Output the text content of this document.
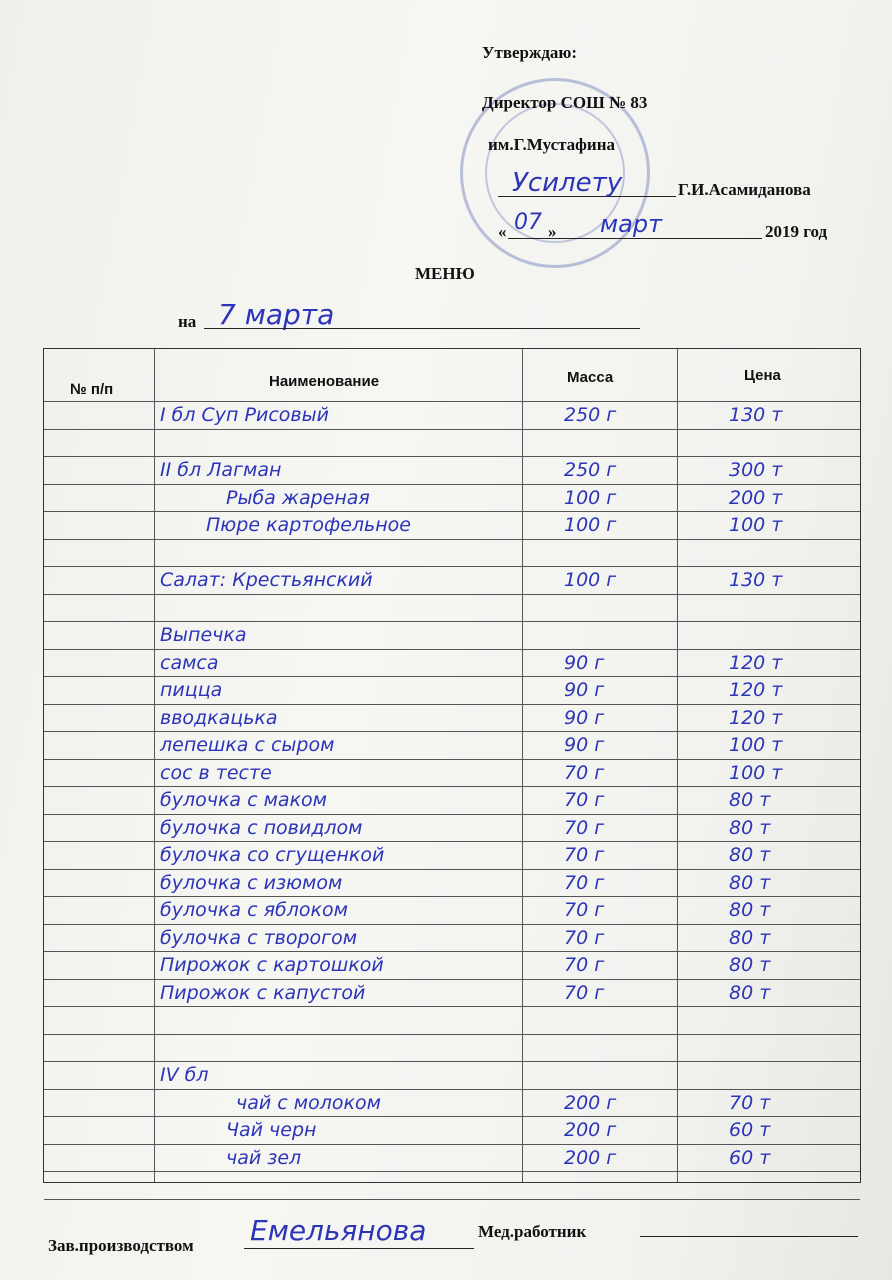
Утверждаю:
Директор СОШ № 83
им.Г.Мустафина
Усилету	Г.И.Асамиданова
« 07 » март	2019 год
МЕНЮ
на 7 марта
№ п/п	Наименование	Масса	Цена
I бл Суп Рисовый	250 г	130 т
II бл Лагман	250 г	300 т
Рыба жареная	100 г	200 т
Пюре картофельное	100 г	100 т
Салат: Крестьянский	100 г	130 т
Выпечка
самса	90 г	120 т
пицца	90 г	120 т
вводкацька	90 г	120 т
лепешка с сыром	90 г	100 т
сос в тесте	70 г	100 т
булочка с маком	70 г	80 т
булочка с повидлом	70 г	80 т
булочка со сгущенкой	70 г	80 т
булочка с изюмом	70 г	80 т
булочка с яблоком	70 г	80 т
булочка с творогом	70 г	80 т
Пирожок с картошкой	70 г	80 т
Пирожок с капустой	70 г	80 т
IV бл
чай с молоком	200 г	70 т
Чай черн	200 г	60 т
чай зел	200 г	60 т
Зав.производством Емельянова	Мед.работник
